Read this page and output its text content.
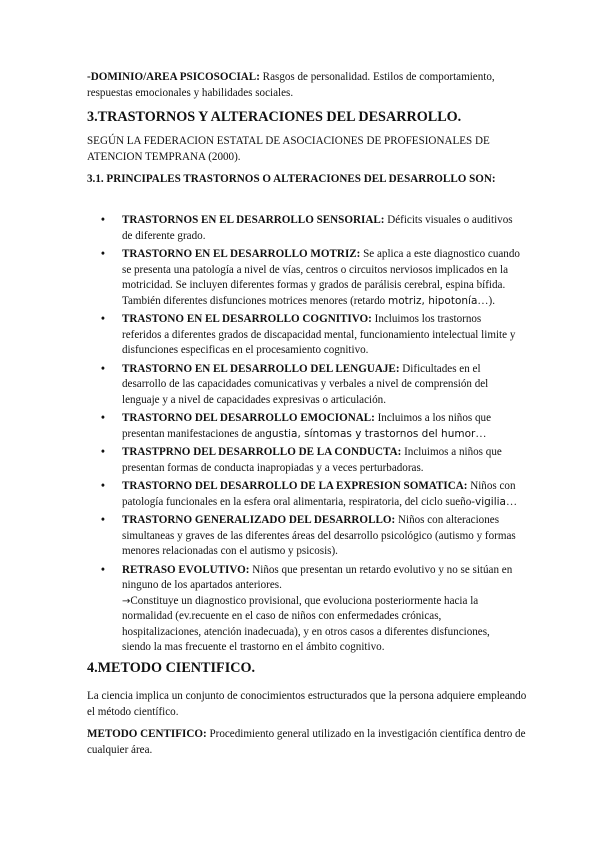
-DOMINIO/AREA PSICOSOCIAL: Rasgos de personalidad. Estilos de comportamiento, respuestas emocionales y habilidades sociales.
3.TRASTORNOS Y ALTERACIONES DEL DESARROLLO.
SEGÚN LA FEDERACION ESTATAL DE ASOCIACIONES DE PROFESIONALES DE ATENCION TEMPRANA (2000).
3.1. PRINCIPALES TRASTORNOS O ALTERACIONES DEL DESARROLLO SON:
• TRASTORNOS EN EL DESARROLLO SENSORIAL: Déficits visuales o auditivos de diferente grado.
• TRASTORNO EN EL DESARROLLO MOTRIZ: Se aplica a este diagnostico cuando se presenta una patología a nivel de vías, centros o circuitos nerviosos implicados en la motricidad. Se incluyen diferentes formas y grados de parálisis cerebral, espina bífida. También diferentes disfunciones motrices menores (retardo motriz, hipotonía…).
• TRASTONO EN EL DESARROLLO COGNITIVO: Incluimos los trastornos referidos a diferentes grados de discapacidad mental, funcionamiento intelectual limite y disfunciones especificas en el procesamiento cognitivo.
• TRASTORNO EN EL DESARROLLO DEL LENGUAJE: Dificultades en el desarrollo de las capacidades comunicativas y verbales a nivel de comprensión del lenguaje y a nivel de capacidades expresivas o articulación.
• TRASTORNO DEL DESARROLLO EMOCIONAL: Incluimos a los niños que presentan manifestaciones de angustia, síntomas y trastornos del humor…
• TRASTPRNO DEL DESARROLLO DE LA CONDUCTA: Incluimos a niños que presentan formas de conducta inapropiadas y a veces perturbadoras.
• TRASTORNO DEL DESARROLLO DE LA EXPRESION SOMATICA: Niños con patología funcionales en la esfera oral alimentaria, respiratoria, del ciclo sueño-vigilia…
• TRASTORNO GENERALIZADO DEL DESARROLLO: Niños con alteraciones simultaneas y graves de las diferentes áreas del desarrollo psicológico (autismo y formas menores relacionadas con el autismo y psicosis).
• RETRASO EVOLUTIVO: Niños que presentan un retardo evolutivo y no se sitúan en ninguno de los apartados anteriores.
→Constituye un diagnostico provisional, que evoluciona posteriormente hacia la normalidad (ev.recuente en el caso de niños con enfermedades crónicas, hospitalizaciones, atención inadecuada), y en otros casos a diferentes disfunciones, siendo la mas frecuente el trastorno en el ámbito cognitivo.
4.METODO CIENTIFICO.
La ciencia implica un conjunto de conocimientos estructurados que la persona adquiere empleando el método científico.
METODO CENTIFICO: Procedimiento general utilizado en la investigación científica dentro de cualquier área.
